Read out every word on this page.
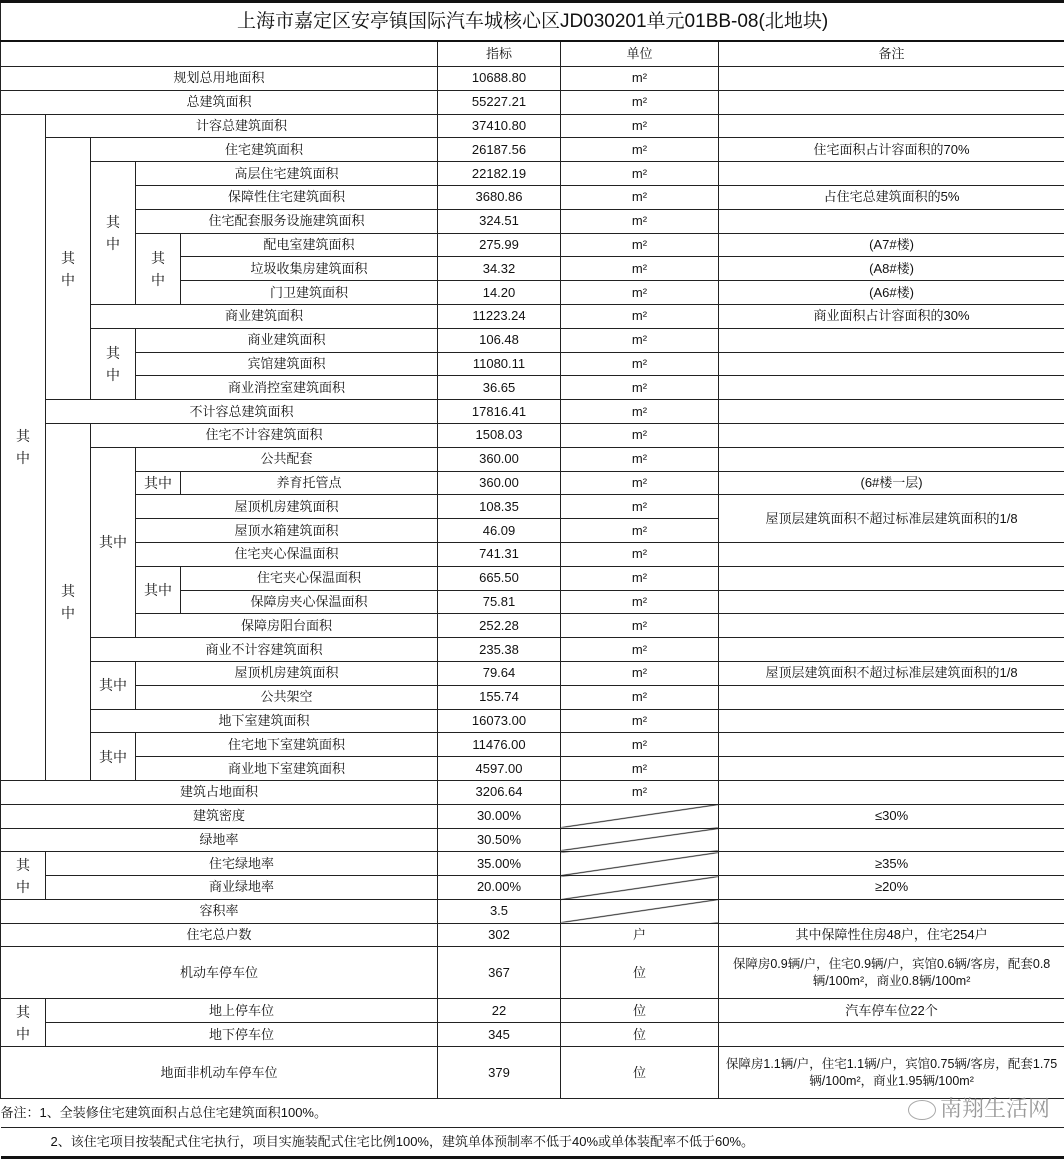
上海市嘉定区安亭镇国际汽车城核心区JD030201单元01BB-08(北地块)							
					指标	单位	备注
规划总用地面积					10688.80	m²	
总建筑面积					55227.21	m²	
其中	计容总建筑面积				37410.80	m²	
	其中	住宅建筑面积			26187.56	m²	住宅面积占计容面积的70%
		其中	高层住宅建筑面积		22182.19	m²	
			保障性住宅建筑面积		3680.86	m²	占住宅总建筑面积的5%
			住宅配套服务设施建筑面积		324.51	m²	
			其中	配电室建筑面积	275.99	m²	(A7#楼)
				垃圾收集房建筑面积	34.32	m²	(A8#楼)
				门卫建筑面积	14.20	m²	(A6#楼)
		商业建筑面积			11223.24	m²	商业面积占计容面积的30%
		其中	商业建筑面积		106.48	m²	
			宾馆建筑面积		11080.11	m²	
			商业消控室建筑面积		36.65	m²	
	不计容总建筑面积				17816.41	m²	
	其中	住宅不计容建筑面积			1508.03	m²	
		其中	公共配套		360.00	m²	
			其中	养育托管点	360.00	m²	(6#楼一层)
			屋顶机房建筑面积		108.35	m²	屋顶层建筑面积不超过标准层建筑面积的1/8
			屋顶水箱建筑面积		46.09	m²	
			住宅夹心保温面积		741.31	m²	
			其中	住宅夹心保温面积	665.50	m²	
				保障房夹心保温面积	75.81	m²	
			保障房阳台面积		252.28	m²	
		商业不计容建筑面积			235.38	m²	
		其中	屋顶机房建筑面积		79.64	m²	屋顶层建筑面积不超过标准层建筑面积的1/8
			公共架空		155.74	m²	
		地下室建筑面积			16073.00	m²	
		其中	住宅地下室建筑面积		11476.00	m²	
			商业地下室建筑面积		4597.00	m²	
建筑占地面积					3206.64	m²	
建筑密度					30.00%		≤30%
绿地率					30.50%		
其中	住宅绿地率				35.00%		≥35%
	商业绿地率				20.00%		≥20%
容积率					3.5		
住宅总户数					302	户	其中保障性住房48户，住宅254户
机动车停车位					367	位	保障房0.9辆/户，住宅0.9辆/户，宾馆0.6辆/客房，配套0.8辆/100m²，商业0.8辆/100m²
其中	地上停车位				22	位	汽车停车位22个
	地下停车位				345	位	
地面非机动车停车位					379	位	保障房1.1辆/户，住宅1.1辆/户，宾馆0.75辆/客房，配套1.75辆/100m²，商业1.95辆/100m²
备注：1、全装修住宅建筑面积占总住宅建筑面积100%。							
2、该住宅项目按装配式住宅执行，项目实施装配式住宅比例100%，建筑单体预制率不低于40%或单体装配率不低于60%。							
南翔生活网
